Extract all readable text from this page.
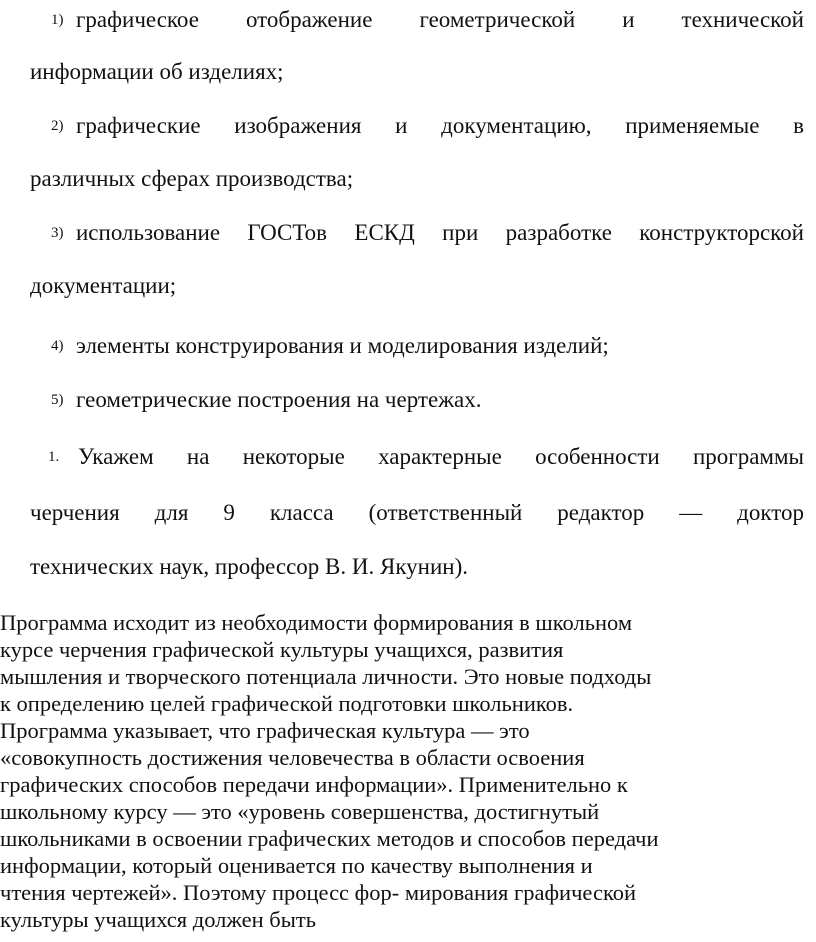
1) графическое отображение геометрической и технической
информации об изделиях;
2) графические изображения и документацию, применяемые в
различных сферах производства;
3) использование ГОСТов ЕСКД при разработке конструкторской
документации;
4) элементы конструирования и моделирования изделий;
5) геометрические построения на чертежах.
1. Укажем на некоторые характерные особенности программы
черчения для 9 класса (ответственный редактор — доктор
технических наук, профессор В. И. Якунин).
Программа исходит из необходимости формирования в школьном
курсе черчения графической культуры учащихся, развития
мышления и творческого потенциала личности. Это новые подходы
к определению целей графической подготовки школьников.
Программа указывает, что графическая культура — это
«совокупность достижения человечества в области освоения
графических способов передачи информации». Применительно к
школьному курсу — это «уровень совершенства, достигнутый
школьниками в освоении графических методов и способов передачи
информации, который оценивается по качеству выполнения и
чтения чертежей». Поэтому процесс фор- мирования графической
культуры учащихся должен быть
